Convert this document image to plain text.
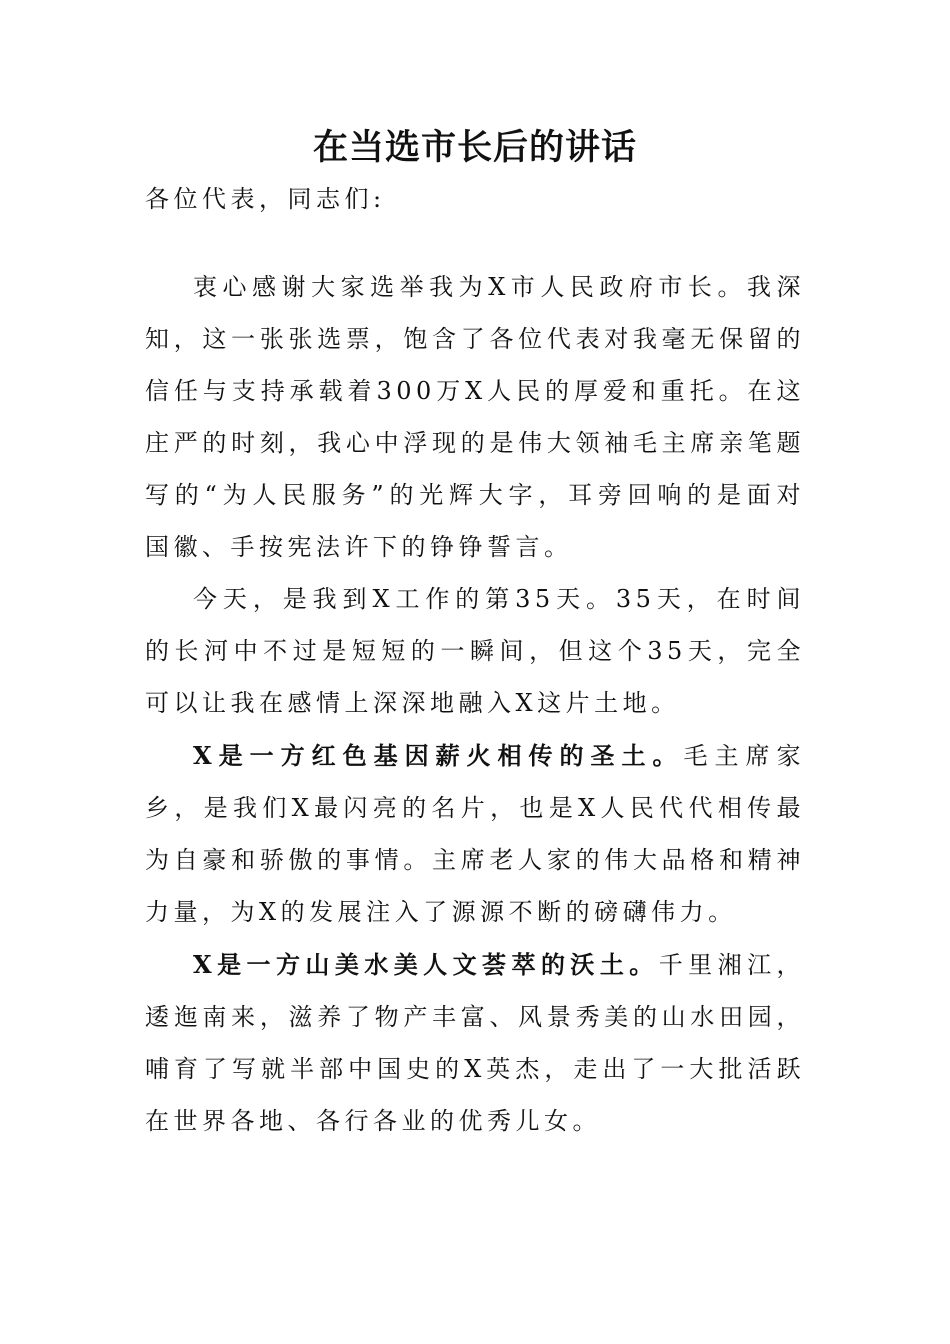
在当选市长后的讲话

各位代表，同志们:

衷心感谢大家选举我为X市人民政府市长。我深知，这一张张选票，饱含了各位代表对我毫无保留的信任与支持承载着300万X人民的厚爱和重托。在这庄严的时刻，我心中浮现的是伟大领袖毛主席亲笔题写的“为人民服务”的光辉大字，耳旁回响的是面对国徽、手按宪法许下的铮铮誓言。

今天，是我到X工作的第35天。35天，在时间的长河中不过是短短的一瞬间，但这个35天，完全可以让我在感情上深深地融入X这片土地。

X是一方红色基因薪火相传的圣土。毛主席家乡，是我们X最闪亮的名片，也是X人民代代相传最为自豪和骄傲的事情。主席老人家的伟大品格和精神力量，为X的发展注入了源源不断的磅礴伟力。

X是一方山美水美人文荟萃的沃土。千里湘江，逶迤南来，滋养了物产丰富、风景秀美的山水田园，哺育了写就半部中国史的X英杰，走出了一大批活跃在世界各地、各行各业的优秀儿女。
